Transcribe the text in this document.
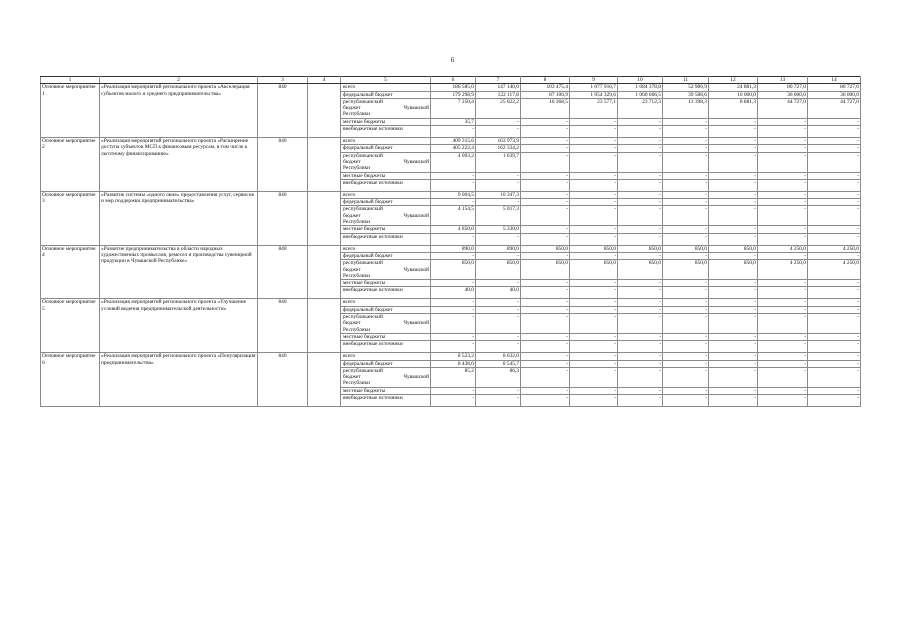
6
1	2	3	4	5	6	7	8	9	10	11	12	13	14
Основное мероприятие 1	«Реализация мероприятий регионального проекта «Акселерация субъектов малого и среднего предпринимательства»	840		всего	186 585,0	147 140,0	103 475,4	1 077 916,7	1 084 378,8	52 986,9	24 881,3	80 727,0	80 727,0
				федеральный бюджет	179 298,9	122 117,8	87 106,9	1 054 329,6	1 060 666,5	39 588,6	16 000,0	36 000,0	36 000,0

				республиканский
бюджет Чувашской
Республики	7 250,4	25 022,2	16 368,5	23 577,1	23 712,3	13 398,3	8 881,3	44 727,0	44 727,0
				местные бюджеты	35,7	-	-	-	-	-	-	-	-
				внебюджетные источники	-	-	-	-	-	-	-	-	-
Основное мероприятие 2	«Реализация мероприятий регионального проекта «Расширение доступа субъектов МСП к финансовым ресурсам, в том числе к льготному финансированию»	840		всего	409 315,6	163 973,9	-	-	-	-	-	-	-
				федеральный бюджет	405 222,4	162 334,2	-	-	-	-	-	-	-

				республиканский
бюджет Чувашской
Республики	4 093,2	1 639,7	-	-	-	-	-	-	-
				местные бюджеты	-	-	-	-	-	-	-	-	-
				внебюджетные источники	-	-	-	-	-	-	-	-	-
Основное мероприятие 3	«Развитие системы «одного окна» предоставления услуг, сервисов и мер поддержки предпринимательства»	840		всего	9 004,5	10 347,3	-	-	-	-	-	-	-
				федеральный бюджет	-	-	-	-	-	-	-	-	-

				республиканский
бюджет Чувашской
Республики	4 154,5	5 017,3	-	-	-	-	-	-	-
				местные бюджеты	4 850,0	5 330,0	-	-	-	-	-	-	-
				внебюджетные источники	-	-	-	-	-	-	-	-	-
Основное мероприятие 4	«Развитие предпринимательства в области народных художественных промыслов, ремесел и производства сувенирной продукции в Чувашской Республике»	840		всего	890,0	890,0	850,0	850,0	850,0	850,0	850,0	4 250,0	4 250,0
				федеральный бюджет	-	-	-	-	-	-	-	-	-

				республиканский
бюджет Чувашской
Республики	850,0	850,0	850,0	850,0	850,0	850,0	850,0	4 250,0	4 250,0
				местные бюджеты	-	-	-	-	-	-	-	-	-
				внебюджетные источники	40,0	40,0	-	-	-	-	-	-	-
Основное мероприятие 5	«Реализация мероприятий регионального проекта «Улучшение условий ведения предпринимательской деятельности»	840		всего	-	-	-	-	-	-	-	-	-
				федеральный бюджет	-	-	-	-	-	-	-	-	-

				республиканский
бюджет Чувашской
Республики	-	-	-	-	-	-	-	-	-
				местные бюджеты	-	-	-	-	-	-	-	-	-
				внебюджетные источники	-	-	-	-	-	-	-	-	-
Основное мероприятие 6	«Реализация мероприятий регионального проекта «Популяризация предпринимательства»	840		всего	8 523,2	8 632,0	-	-	-	-	-	-	-
				федеральный бюджет	8 438,0	8 545,7	-	-	-	-	-	-	-

				республиканский
бюджет Чувашской
Республики	85,2	86,3	-	-	-	-	-	-	-
				местные бюджеты	-	-	-	-	-	-	-	-	-
				внебюджетные источники	-	-	-	-	-	-	-	-	-
